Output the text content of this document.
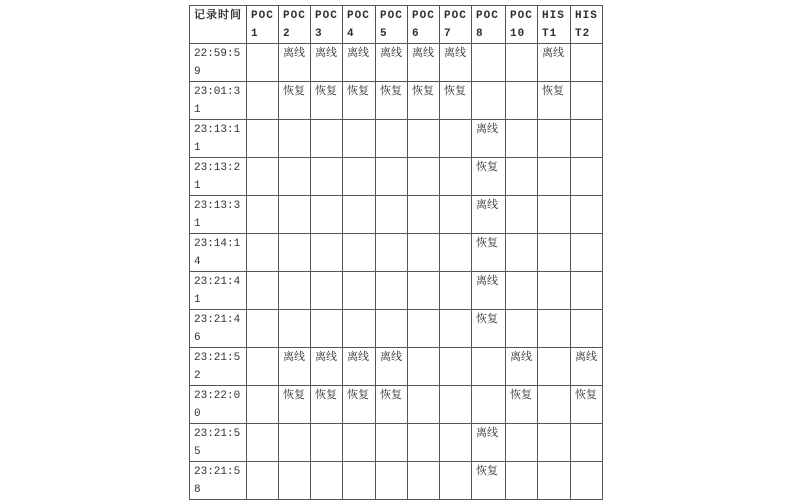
记录时间	POC 1	POC 2	POC 3	POC 4	POC 5	POC 6	POC 7	POC 8	POC 10	HIS T1	HIS T2
22:59:59		离线	离线	离线	离线	离线	离线			离线	
23:01:31		恢复	恢复	恢复	恢复	恢复	恢复			恢复	
23:13:11								离线			
23:13:21								恢复			
23:13:31								离线			
23:14:14								恢复			
23:21:41								离线			
23:21:46								恢复			
23:21:52		离线	离线	离线	离线				离线		离线
23:22:00		恢复	恢复	恢复	恢复				恢复		恢复
23:21:55								离线			
23:21:58								恢复			
